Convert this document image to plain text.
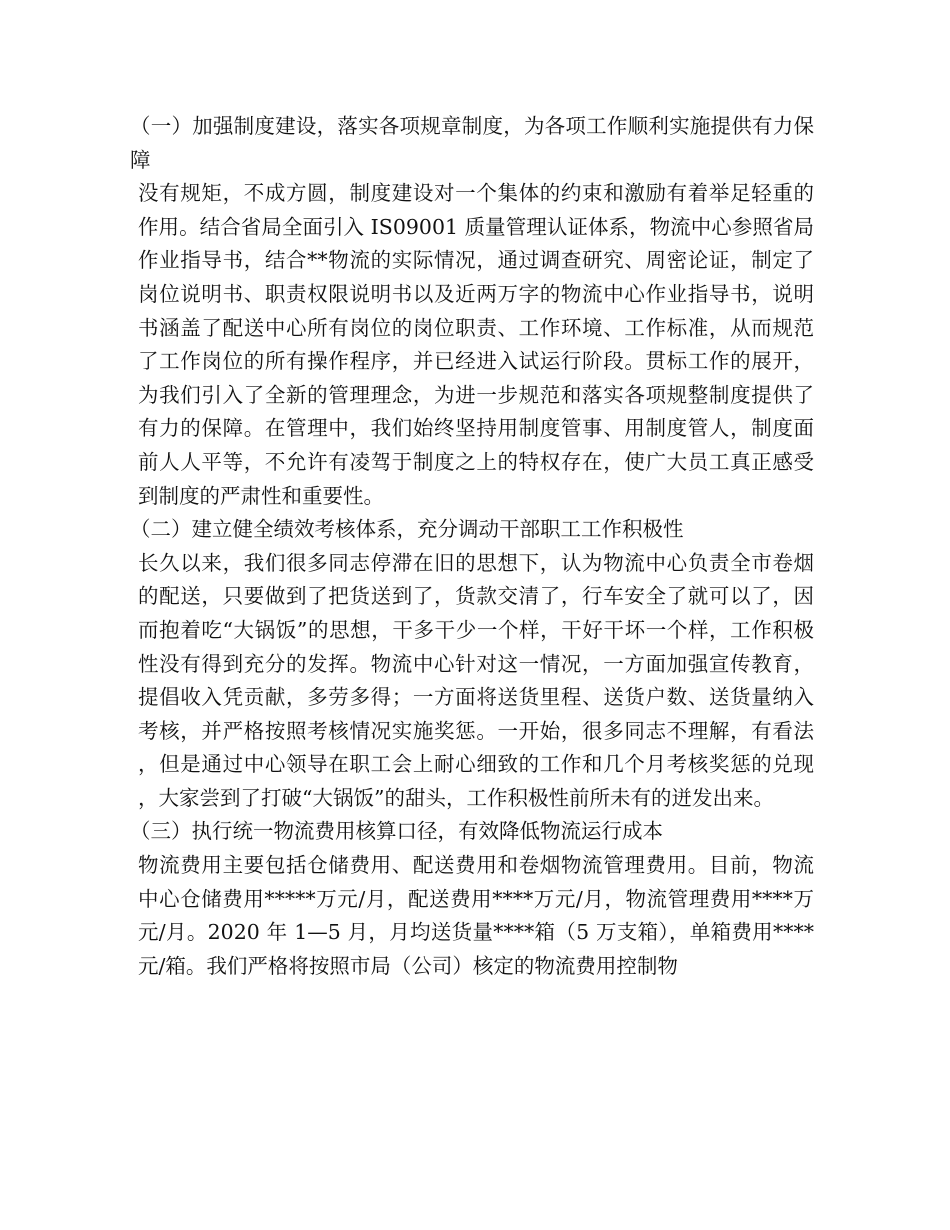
（一）加强制度建设，落实各项规章制度，为各项工作顺利实施提供有力保障

没有规矩，不成方圆，制度建设对一个集体的约束和激励有着举足轻重的作用。结合省局全面引入 IS09001 质量管理认证体系，物流中心参照省局作业指导书，结合**物流的实际情况，通过调查研究、周密论证，制定了岗位说明书、职责权限说明书以及近两万字的物流中心作业指导书，说明书涵盖了配送中心所有岗位的岗位职责、工作环境、工作标准，从而规范了工作岗位的所有操作程序，并已经进入试运行阶段。贯标工作的展开，为我们引入了全新的管理理念，为进一步规范和落实各项规整制度提供了有力的保障。在管理中，我们始终坚持用制度管事、用制度管人，制度面前人人平等，不允许有凌驾于制度之上的特权存在，使广大员工真正感受到制度的严肃性和重要性。

（二）建立健全绩效考核体系，充分调动干部职工工作积极性

长久以来，我们很多同志停滞在旧的思想下，认为物流中心负责全市卷烟的配送，只要做到了把货送到了，货款交清了，行车安全了就可以了，因而抱着吃“大锅饭”的思想，干多干少一个样，干好干坏一个样，工作积极性没有得到充分的发挥。物流中心针对这一情况，一方面加强宣传教育，提倡收入凭贡献，多劳多得；一方面将送货里程、送货户数、送货量纳入考核，并严格按照考核情况实施奖惩。一开始，很多同志不理解，有看法，但是通过中心领导在职工会上耐心细致的工作和几个月考核奖惩的兑现，大家尝到了打破“大锅饭”的甜头，工作积极性前所未有的迸发出来。

（三）执行统一物流费用核算口径，有效降低物流运行成本

物流费用主要包括仓储费用、配送费用和卷烟物流管理费用。目前，物流中心仓储费用*****万元/月，配送费用****万元/月，物流管理费用****万元/月。2020 年 1—5 月，月均送货量****箱（5 万支箱），单箱费用****元/箱。我们严格将按照市局（公司）核定的物流费用控制物
